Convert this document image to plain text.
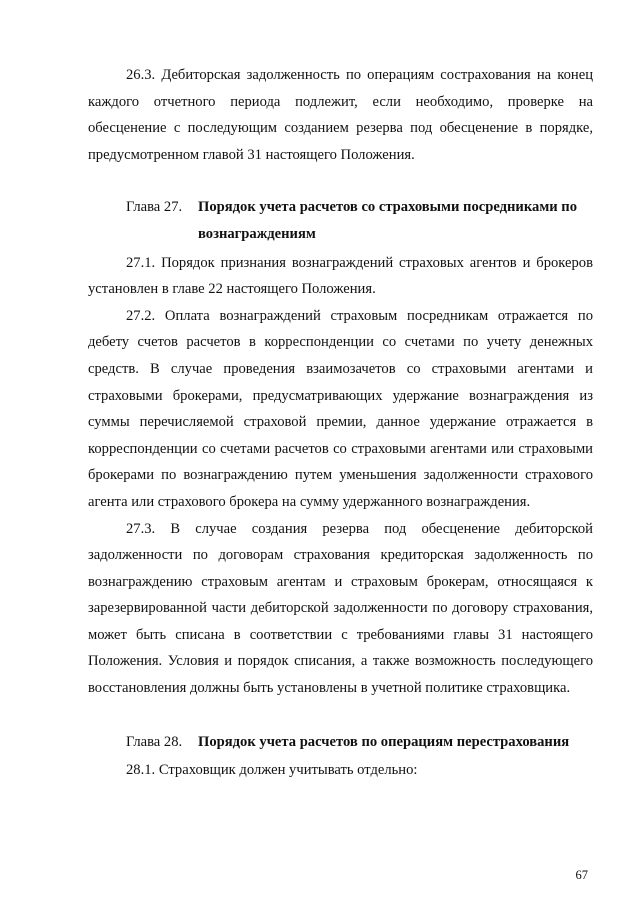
26.3. Дебиторская задолженность по операциям сострахования на конец каждого отчетного периода подлежит, если необходимо, проверке на обесценение с последующим созданием резерва под обесценение в порядке, предусмотренном главой 31 настоящего Положения.

Глава 27.	Порядок учета расчетов со страховыми посредниками по вознаграждениям

27.1. Порядок признания вознаграждений страховых агентов и брокеров установлен в главе 22 настоящего Положения.

27.2. Оплата вознаграждений страховым посредникам отражается по дебету счетов расчетов в корреспонденции со счетами по учету денежных средств. В случае проведения взаимозачетов со страховыми агентами и страховыми брокерами, предусматривающих удержание вознаграждения из суммы перечисляемой страховой премии, данное удержание отражается в корреспонденции со счетами расчетов со страховыми агентами или страховыми брокерами по вознаграждению путем уменьшения задолженности страхового агента или страхового брокера на сумму удержанного вознаграждения.

27.3. В случае создания резерва под обесценение дебиторской задолженности по договорам страхования кредиторская задолженность по вознаграждению страховым агентам и страховым брокерам, относящаяся к зарезервированной части дебиторской задолженности по договору страхования, может быть списана в соответствии с требованиями главы 31 настоящего Положения. Условия и порядок списания, а также возможность последующего восстановления должны быть установлены в учетной политике страховщика.

Глава 28.	Порядок учета расчетов по операциям перестрахования

28.1. Страховщик должен учитывать отдельно:

67
